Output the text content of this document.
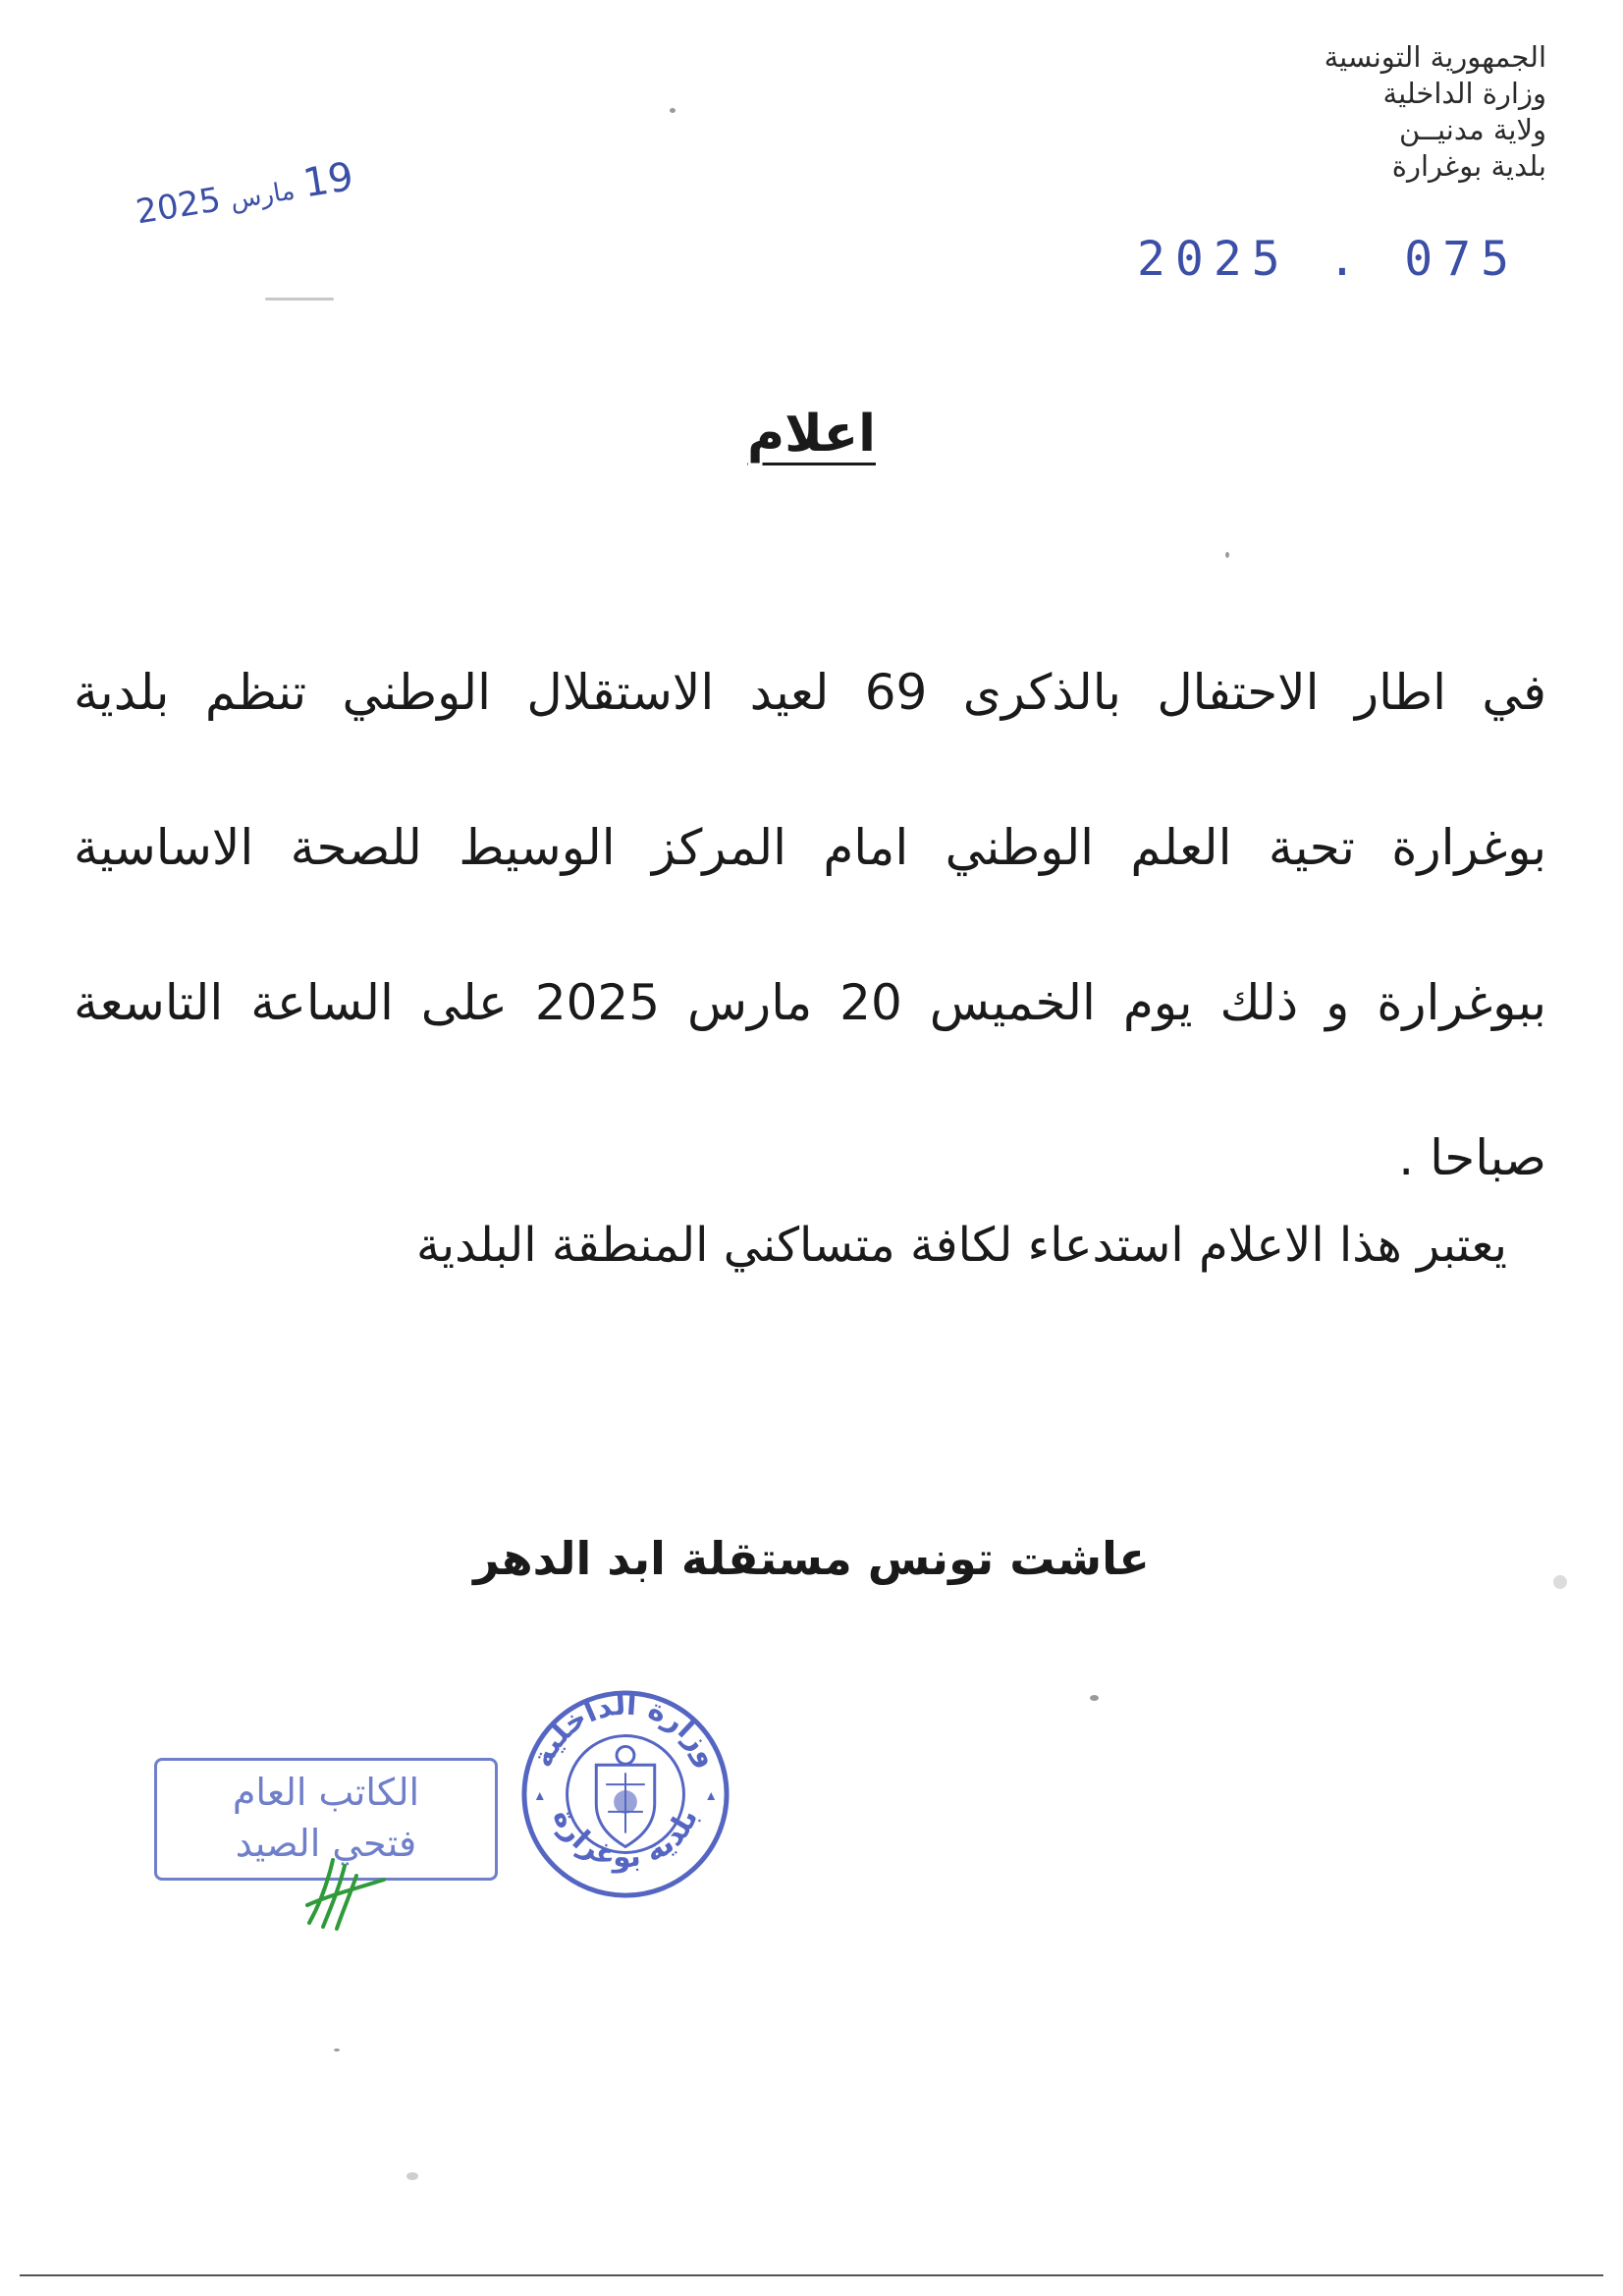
الجمهورية التونسية
وزارة الداخلية
ولاية مدنيــن
بلدية بوغرارة
2025 . 075
19مارس2025
اعلام
في اطار الاحتفال بالذكرى 69 لعيد الاستقلال الوطني تنظم بلدية
بوغرارة تحية العلم الوطني امام المركز الوسيط للصحة الاساسية
ببوغرارة و ذلك يوم الخميس 20 مارس 2025 على الساعة التاسعة
صباحا .
يعتبر هذا الاعلام استدعاء لكافة متساكني المنطقة البلدية
عاشت تونس مستقلة ابد الدهر
الكاتب العام
فتحي الصيد
وزارة الداخلية
بلدية بوغرارة
